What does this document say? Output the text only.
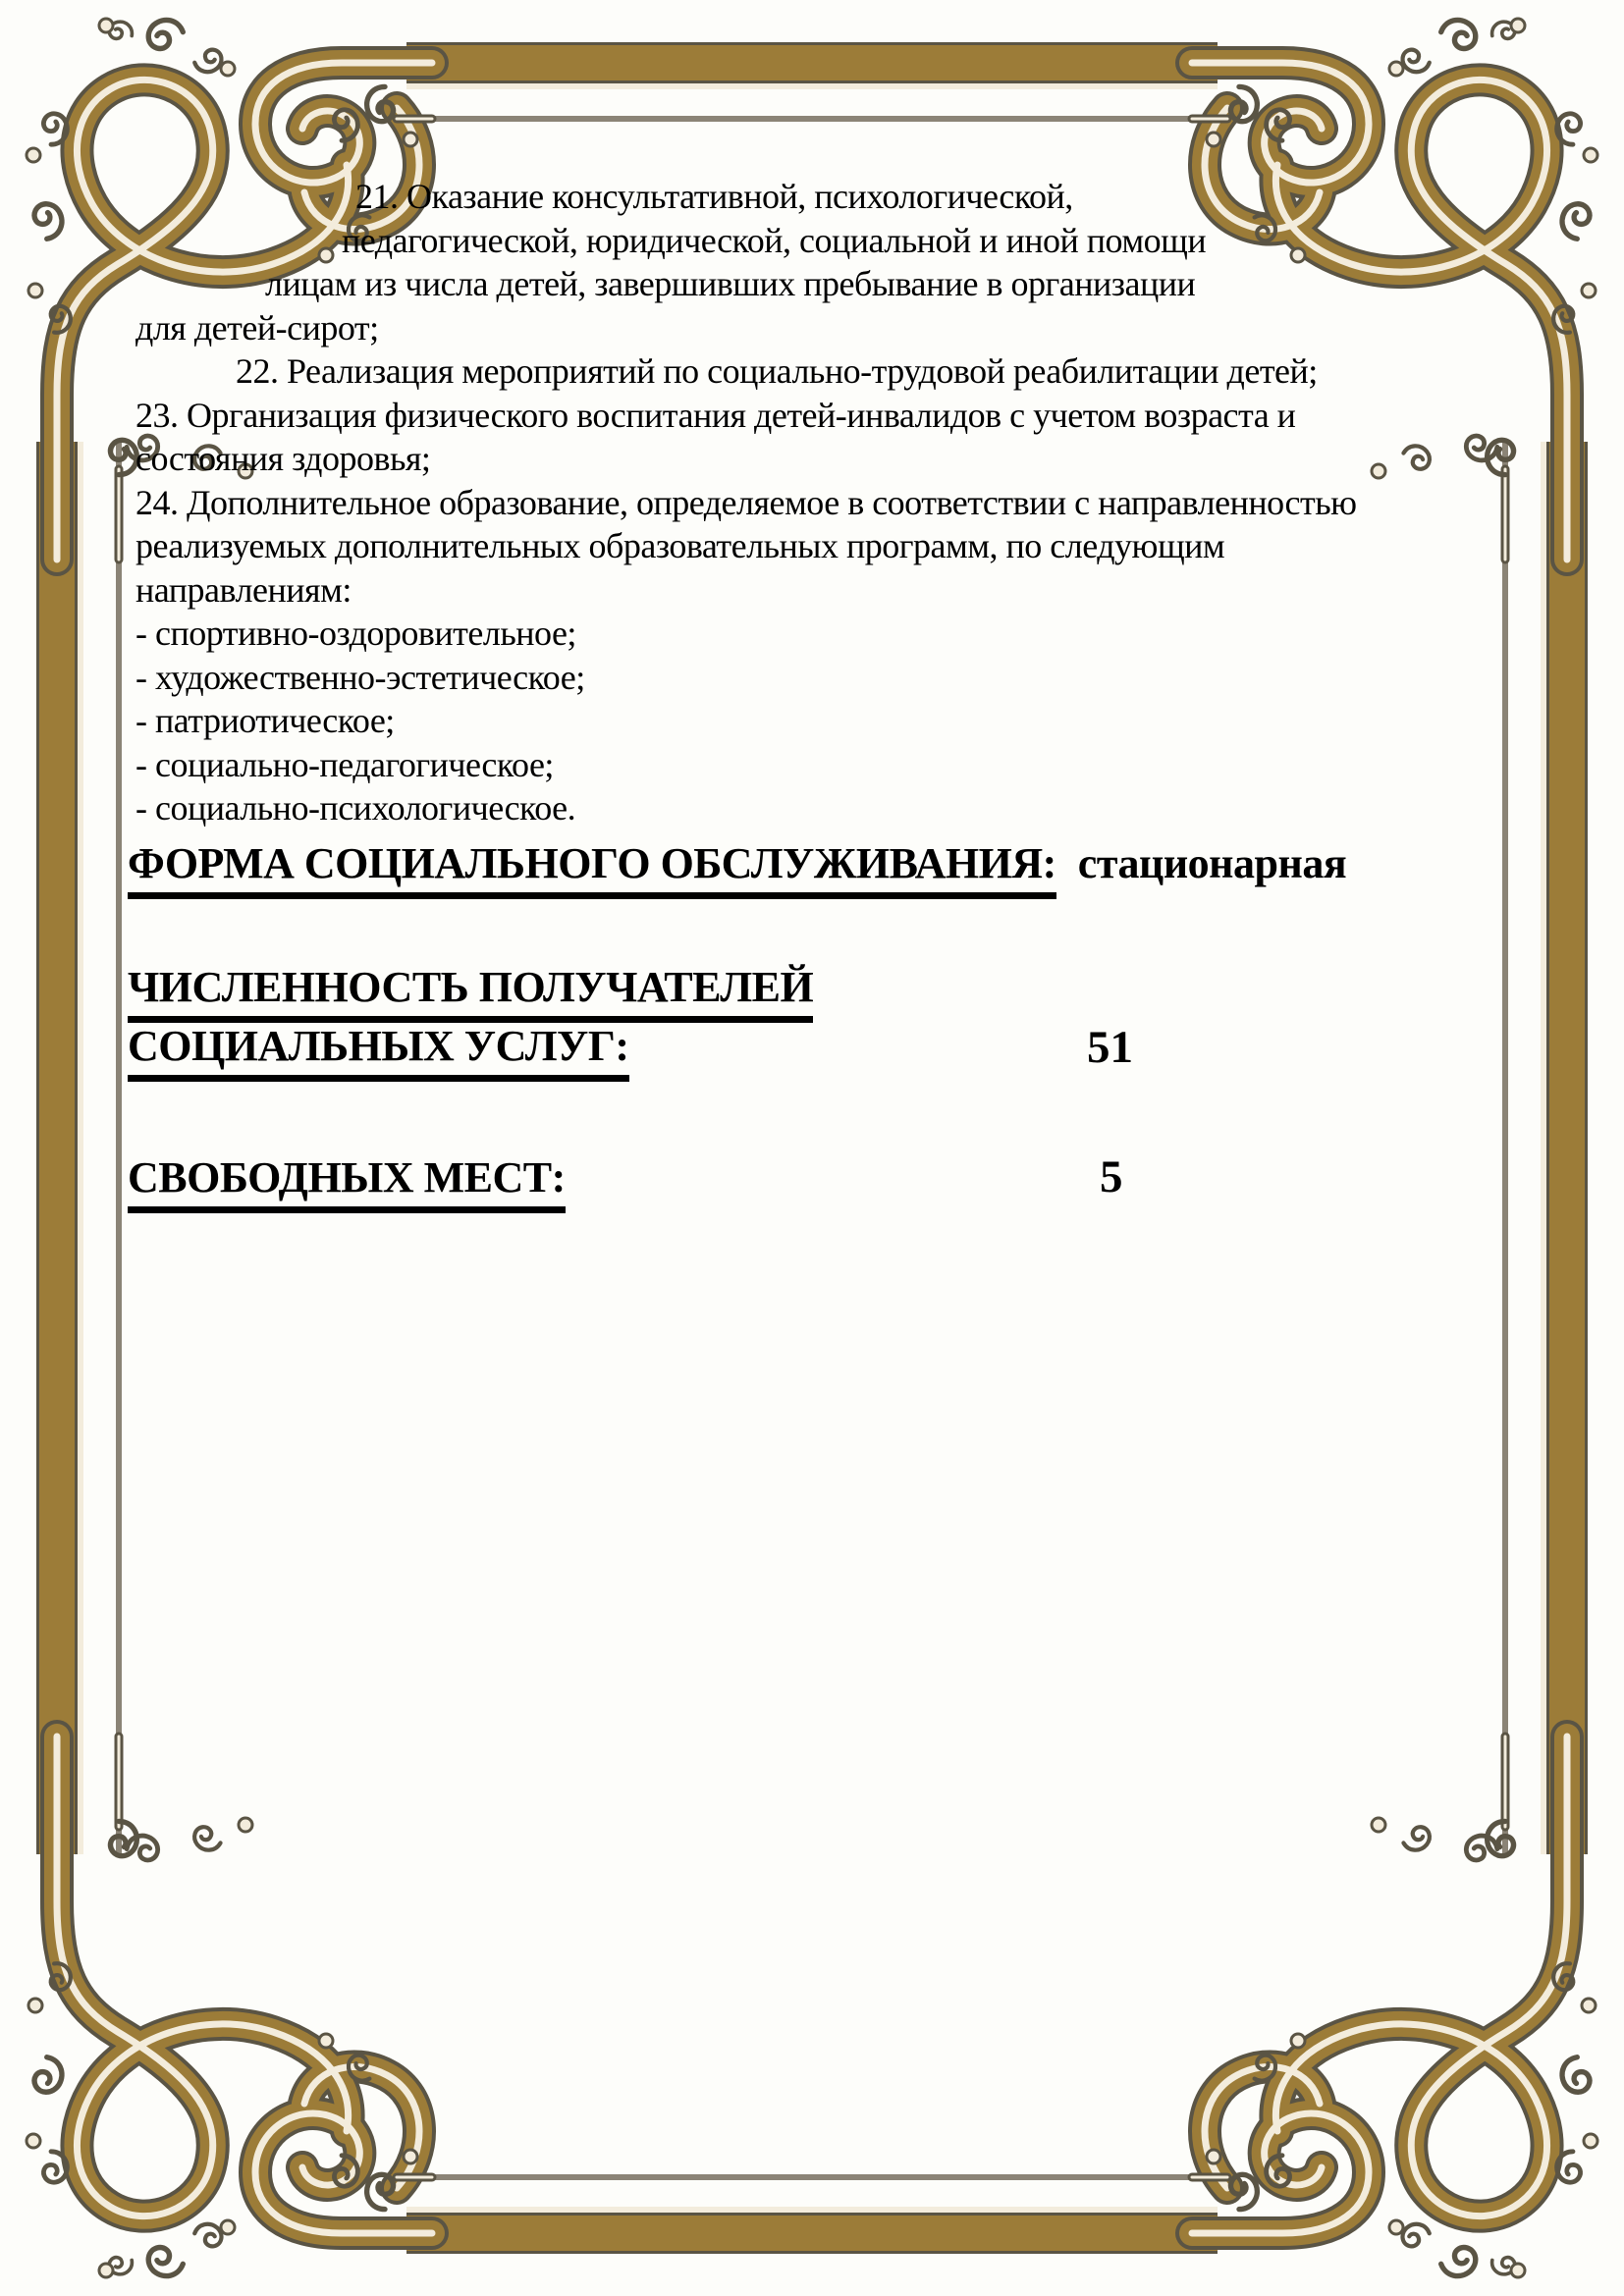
21. Оказание консультативной, психологической,
педагогической, юридической, социальной и иной помощи
лицам из числа детей, завершивших пребывание в организации
для детей-сирот;
22. Реализация мероприятий по социально-трудовой реабилитации детей;
23. Организация физического воспитания детей-инвалидов с учетом возраста и
состояния здоровья;
24. Дополнительное образование, определяемое в соответствии с направленностью
реализуемых дополнительных образовательных программ, по следующим
направлениям:
- спортивно-оздоровительное;
- художественно-эстетическое;
- патриотическое;
- социально-педагогическое;
- социально-психологическое.
ФОРМА СОЦИАЛЬНОГО ОБСЛУЖИВАНИЯ: стационарная
ЧИСЛЕННОСТЬ ПОЛУЧАТЕЛЕЙ
СОЦИАЛЬНЫХ УСЛУГ:	51
СВОБОДНЫХ МЕСТ:	5
